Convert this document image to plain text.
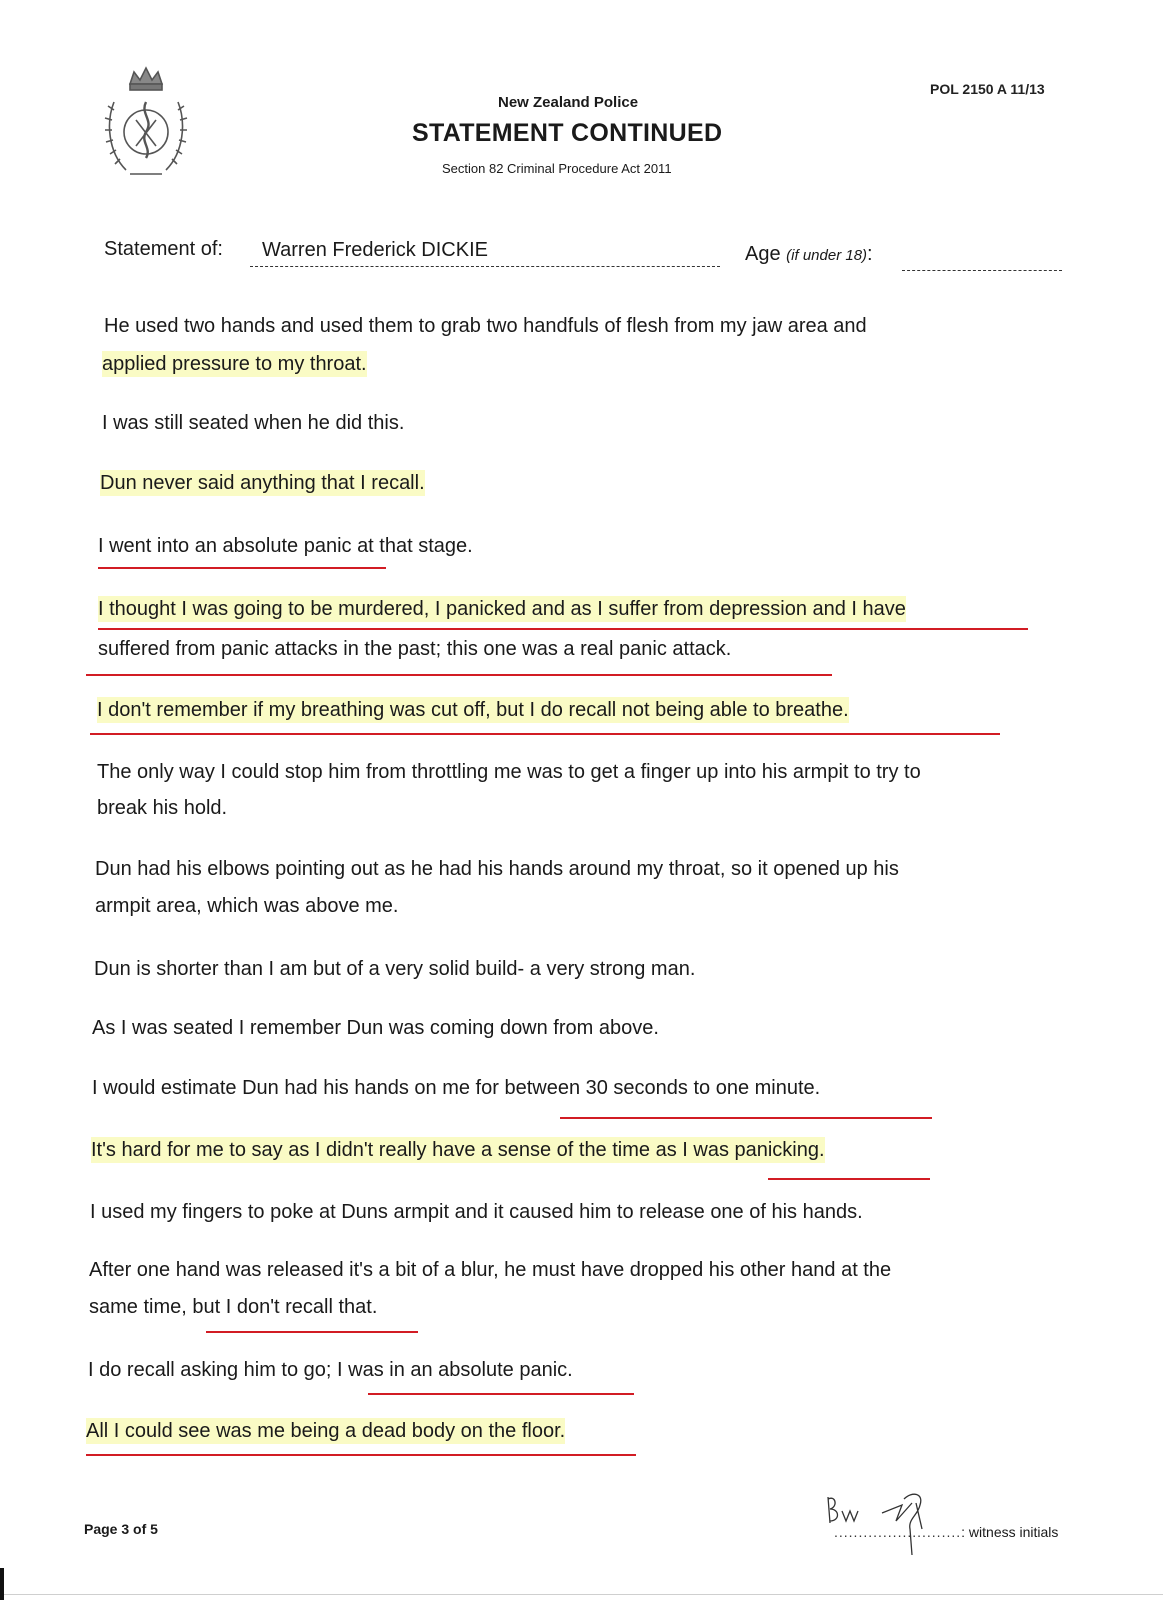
POL 2150 A 11/13
New Zealand Police
STATEMENT CONTINUED
Section 82 Criminal Procedure Act 2011
Statement of: Warren Frederick DICKIE	Age (if under 18):
He used two hands and used them to grab two handfuls of flesh from my jaw area and
applied pressure to my throat.
I was still seated when he did this.
Dun never said anything that I recall.
I went into an absolute panic at that stage.
I thought I was going to be murdered, I panicked and as I suffer from depression and I have
suffered from panic attacks in the past; this one was a real panic attack.
I don't remember if my breathing was cut off, but I do recall not being able to breathe.
The only way I could stop him from throttling me was to get a finger up into his armpit to try to
break his hold.
Dun had his elbows pointing out as he had his hands around my throat, so it opened up his
armpit area, which was above me.
Dun is shorter than I am but of a very solid build- a very strong man.
As I was seated I remember Dun was coming down from above.
I would estimate Dun had his hands on me for between 30 seconds to one minute.
It's hard for me to say as I didn't really have a sense of the time as I was panicking.
I used my fingers to poke at Duns armpit and it caused him to release one of his hands.
After one hand was released it's a bit of a blur, he must have dropped his other hand at the
same time, but I don't recall that.
I do recall asking him to go; I was in an absolute panic.
All I could see was me being a dead body on the floor.
Page 3 of 5	..........................: witness initials
